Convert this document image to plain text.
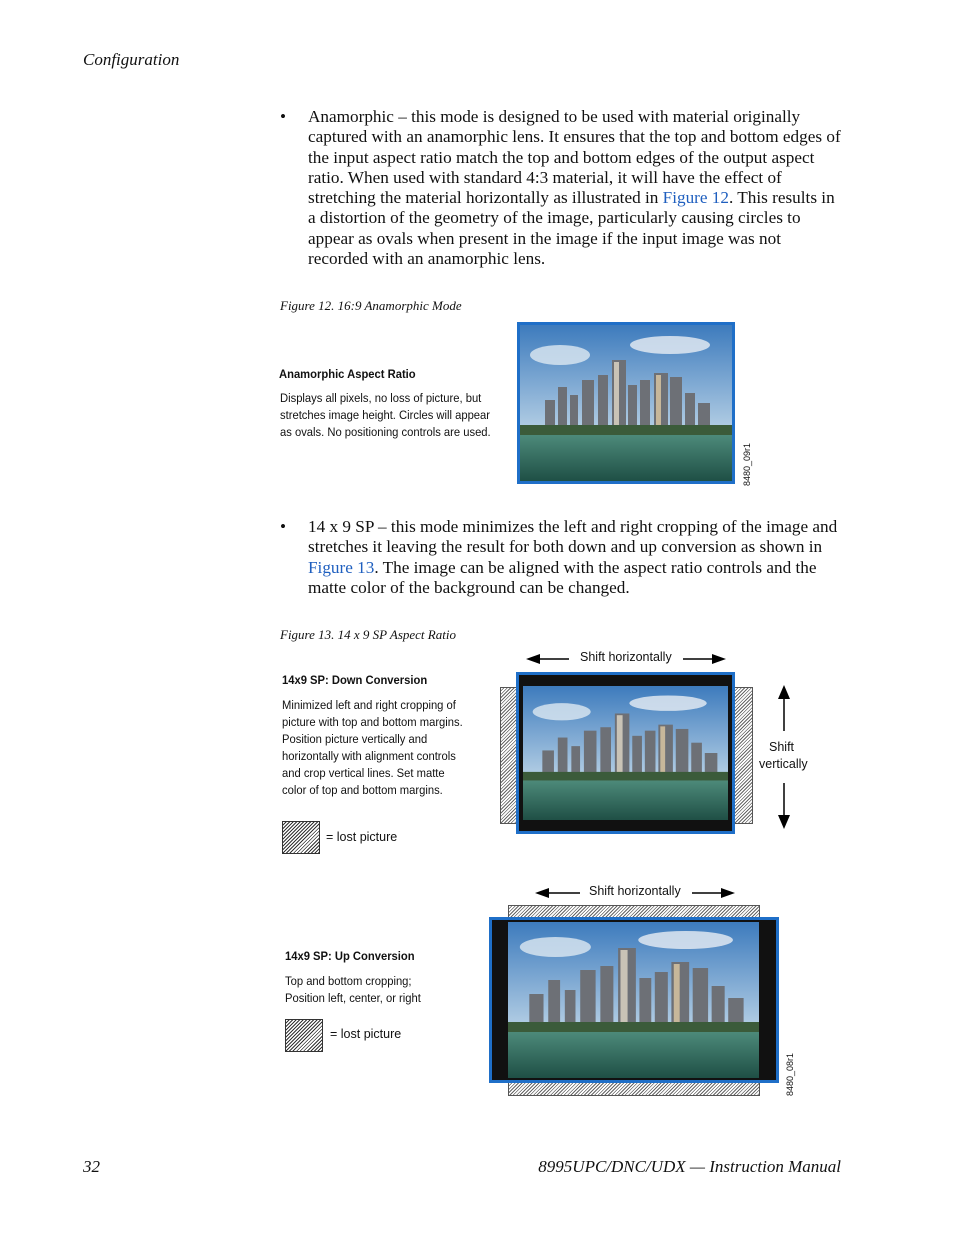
Configuration
• Anamorphic – this mode is designed to be used with material originally captured with an anamorphic lens. It ensures that the top and bottom edges of the input aspect ratio match the top and bottom edges of the output aspect ratio. When used with standard 4:3 material, it will have the effect of stretching the material horizontally as illustrated in Figure 12. This results in a distortion of the geometry of the image, particularly causing circles to appear as ovals when present in the image if the input image was not recorded with an anamorphic lens.
Figure 12. 16:9 Anamorphic Mode
Anamorphic Aspect Ratio
Displays all pixels, no loss of picture, but stretches image height. Circles will appear as ovals. No positioning controls are used.
8480_09r1
• 14 x 9 SP – this mode minimizes the left and right cropping of the image and stretches it leaving the result for both down and up conversion as shown in Figure 13. The image can be aligned with the aspect ratio controls and the matte color of the background can be changed.
Figure 13. 14 x 9 SP Aspect Ratio
14x9 SP: Down Conversion
Minimized left and right cropping of picture with top and bottom margins. Position picture vertically and horizontally with alignment controls and crop vertical lines. Set matte color of top and bottom margins.
= lost picture
Shift horizontally
Shift
vertically
Shift horizontally
14x9 SP: Up Conversion
Top and bottom cropping; Position left, center, or right
= lost picture
8480_08r1
32	8995UPC/DNC/UDX — Instruction Manual
